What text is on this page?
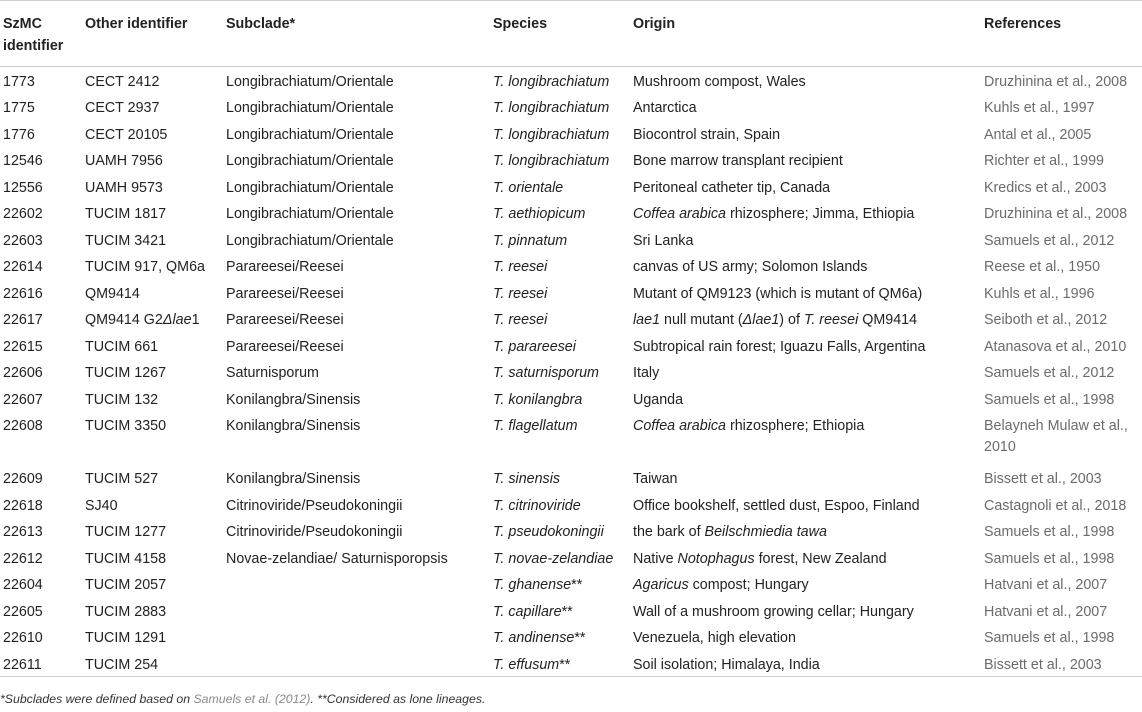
SzMC identifier	Other identifier	Subclade*	Species	Origin	References
1773	CECT 2412	Longibrachiatum/Orientale	T. longibrachiatum	Mushroom compost, Wales	Druzhinina et al., 2008
1775	CECT 2937	Longibrachiatum/Orientale	T. longibrachiatum	Antarctica	Kuhls et al., 1997
1776	CECT 20105	Longibrachiatum/Orientale	T. longibrachiatum	Biocontrol strain, Spain	Antal et al., 2005
12546	UAMH 7956	Longibrachiatum/Orientale	T. longibrachiatum	Bone marrow transplant recipient	Richter et al., 1999
12556	UAMH 9573	Longibrachiatum/Orientale	T. orientale	Peritoneal catheter tip, Canada	Kredics et al., 2003
22602	TUCIM 1817	Longibrachiatum/Orientale	T. aethiopicum	Coffea arabica rhizosphere; Jimma, Ethiopia	Druzhinina et al., 2008
22603	TUCIM 3421	Longibrachiatum/Orientale	T. pinnatum	Sri Lanka	Samuels et al., 2012
22614	TUCIM 917, QM6a	Parareesei/Reesei	T. reesei	canvas of US army; Solomon Islands	Reese et al., 1950
22616	QM9414	Parareesei/Reesei	T. reesei	Mutant of QM9123 (which is mutant of QM6a)	Kuhls et al., 1996
22617	QM9414 G2Δlae1	Parareesei/Reesei	T. reesei	lae1 null mutant (Δlae1) of T. reesei QM9414	Seiboth et al., 2012
22615	TUCIM 661	Parareesei/Reesei	T. parareesei	Subtropical rain forest; Iguazu Falls, Argentina	Atanasova et al., 2010
22606	TUCIM 1267	Saturnisporum	T. saturnisporum	Italy	Samuels et al., 2012
22607	TUCIM 132	Konilangbra/Sinensis	T. konilangbra	Uganda	Samuels et al., 1998
22608	TUCIM 3350	Konilangbra/Sinensis	T. flagellatum	Coffea arabica rhizosphere; Ethiopia	Belayneh Mulaw et al., 2010
22609	TUCIM 527	Konilangbra/Sinensis	T. sinensis	Taiwan	Bissett et al., 2003
22618	SJ40	Citrinoviride/Pseudokoningii	T. citrinoviride	Office bookshelf, settled dust, Espoo, Finland	Castagnoli et al., 2018
22613	TUCIM 1277	Citrinoviride/Pseudokoningii	T. pseudokoningii	the bark of Beilschmiedia tawa	Samuels et al., 1998
22612	TUCIM 4158	Novae-zelandiae/ Saturnisporopsis	T. novae-zelandiae	Native Notophagus forest, New Zealand	Samuels et al., 1998
22604	TUCIM 2057		T. ghanense**	Agaricus compost; Hungary	Hatvani et al., 2007
22605	TUCIM 2883		T. capillare**	Wall of a mushroom growing cellar; Hungary	Hatvani et al., 2007
22610	TUCIM 1291		T. andinense**	Venezuela, high elevation	Samuels et al., 1998
22611	TUCIM 254		T. effusum**	Soil isolation; Himalaya, India	Bissett et al., 2003
*Subclades were defined based on Samuels et al. (2012). **Considered as lone lineages.
